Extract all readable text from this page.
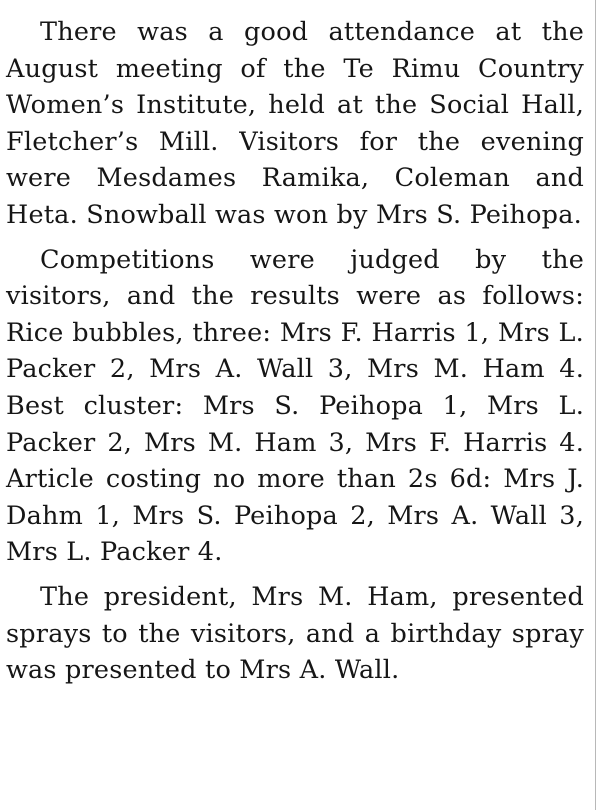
There was a good attendance at the August meeting of the Te Rimu Country Women’s Institute, held at the Social Hall, Fletcher’s Mill. Visitors for the evening were Mesdames Ramika, Coleman and Heta. Snowball was won by Mrs S. Peihopa.

Competitions were judged by the visitors, and the results were as follows: Rice bubbles, three: Mrs F. Harris 1, Mrs L. Packer 2, Mrs A. Wall 3, Mrs M. Ham 4. Best cluster: Mrs S. Peihopa 1, Mrs L. Packer 2, Mrs M. Ham 3, Mrs F. Harris 4. Article costing no more than 2s 6d: Mrs J. Dahm 1, Mrs S. Peihopa 2, Mrs A. Wall 3, Mrs L. Packer 4.

The president, Mrs M. Ham, presented sprays to the visitors, and a birthday spray was presented to Mrs A. Wall.
